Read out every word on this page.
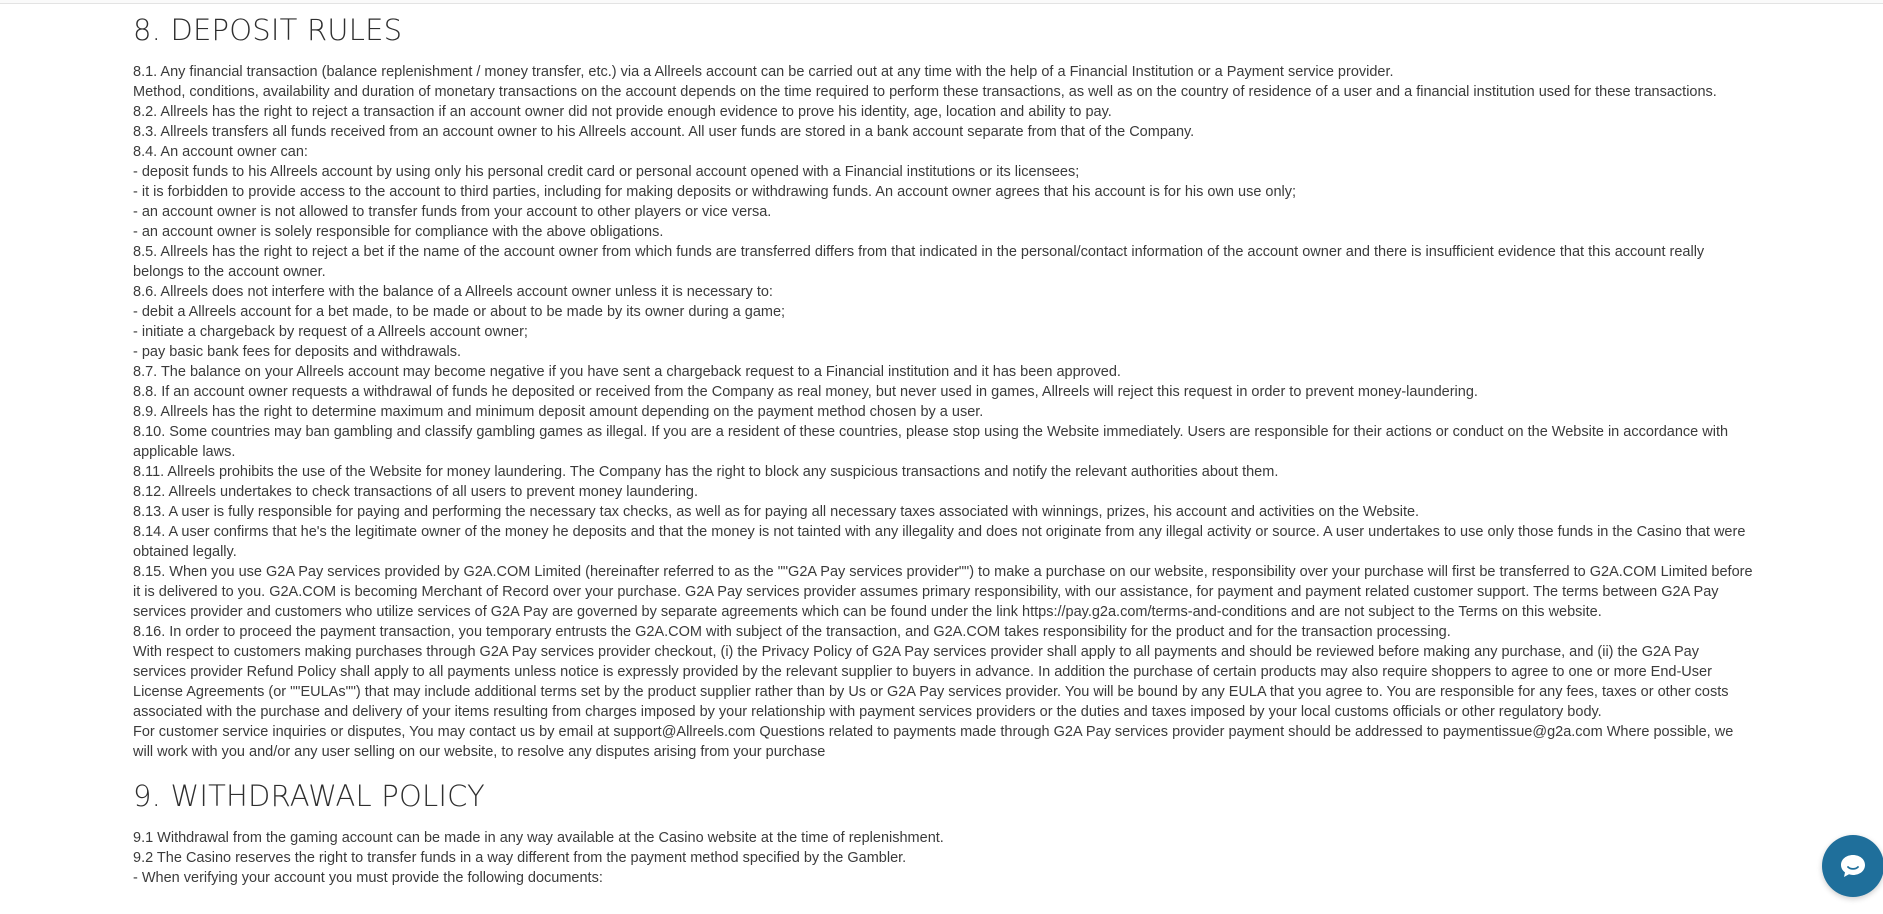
8. DEPOSIT RULES
8.1. Any financial transaction (balance replenishment / money transfer, etc.) via a Allreels account can be carried out at any time with the help of a Financial Institution or a Payment service provider.
Method, conditions, availability and duration of monetary transactions on the account depends on the time required to perform these transactions, as well as on the country of residence of a user and a financial institution used for these transactions.
8.2. Allreels has the right to reject a transaction if an account owner did not provide enough evidence to prove his identity, age, location and ability to pay.
8.3. Allreels transfers all funds received from an account owner to his Allreels account. All user funds are stored in a bank account separate from that of the Company.
8.4. An account owner can:
- deposit funds to his Allreels account by using only his personal credit card or personal account opened with a Financial institutions or its licensees;
- it is forbidden to provide access to the account to third parties, including for making deposits or withdrawing funds. An account owner agrees that his account is for his own use only;
- an account owner is not allowed to transfer funds from your account to other players or vice versa.
- an account owner is solely responsible for compliance with the above obligations.
8.5. Allreels has the right to reject a bet if the name of the account owner from which funds are transferred differs from that indicated in the personal/contact information of the account owner and there is insufficient evidence that this account really belongs to the account owner.
8.6. Allreels does not interfere with the balance of a Allreels account owner unless it is necessary to:
- debit a Allreels account for a bet made, to be made or about to be made by its owner during a game;
- initiate a chargeback by request of a Allreels account owner;
- pay basic bank fees for deposits and withdrawals.
8.7. The balance on your Allreels account may become negative if you have sent a chargeback request to a Financial institution and it has been approved.
8.8. If an account owner requests a withdrawal of funds he deposited or received from the Company as real money, but never used in games, Allreels will reject this request in order to prevent money-laundering.
8.9. Allreels has the right to determine maximum and minimum deposit amount depending on the payment method chosen by a user.
8.10. Some countries may ban gambling and classify gambling games as illegal. If you are a resident of these countries, please stop using the Website immediately. Users are responsible for their actions or conduct on the Website in accordance with applicable laws.
8.11. Allreels prohibits the use of the Website for money laundering. The Company has the right to block any suspicious transactions and notify the relevant authorities about them.
8.12. Allreels undertakes to check transactions of all users to prevent money laundering.
8.13. A user is fully responsible for paying and performing the necessary tax checks, as well as for paying all necessary taxes associated with winnings, prizes, his account and activities on the Website.
8.14. A user confirms that he's the legitimate owner of the money he deposits and that the money is not tainted with any illegality and does not originate from any illegal activity or source. A user undertakes to use only those funds in the Casino that were obtained legally.
8.15. When you use G2A Pay services provided by G2A.COM Limited (hereinafter referred to as the ""G2A Pay services provider"") to make a purchase on our website, responsibility over your purchase will first be transferred to G2A.COM Limited before it is delivered to you. G2A.COM is becoming Merchant of Record over your purchase. G2A Pay services provider assumes primary responsibility, with our assistance, for payment and payment related customer support. The terms between G2A Pay services provider and customers who utilize services of G2A Pay are governed by separate agreements which can be found under the link https://pay.g2a.com/terms-and-conditions and are not subject to the Terms on this website.
8.16. In order to proceed the payment transaction, you temporary entrusts the G2A.COM with subject of the transaction, and G2A.COM takes responsibility for the product and for the transaction processing.
With respect to customers making purchases through G2A Pay services provider checkout, (i) the Privacy Policy of G2A Pay services provider shall apply to all payments and should be reviewed before making any purchase, and (ii) the G2A Pay services provider Refund Policy shall apply to all payments unless notice is expressly provided by the relevant supplier to buyers in advance. In addition the purchase of certain products may also require shoppers to agree to one or more End-User License Agreements (or ""EULAs"") that may include additional terms set by the product supplier rather than by Us or G2A Pay services provider. You will be bound by any EULA that you agree to. You are responsible for any fees, taxes or other costs associated with the purchase and delivery of your items resulting from charges imposed by your relationship with payment services providers or the duties and taxes imposed by your local customs officials or other regulatory body.
For customer service inquiries or disputes, You may contact us by email at support@Allreels.com Questions related to payments made through G2A Pay services provider payment should be addressed to paymentissue@g2a.com Where possible, we will work with you and/or any user selling on our website, to resolve any disputes arising from your purchase
9. WITHDRAWAL POLICY
9.1 Withdrawal from the gaming account can be made in any way available at the Casino website at the time of replenishment.
9.2 The Casino reserves the right to transfer funds in a way different from the payment method specified by the Gambler.
- When verifying your account you must provide the following documents:
